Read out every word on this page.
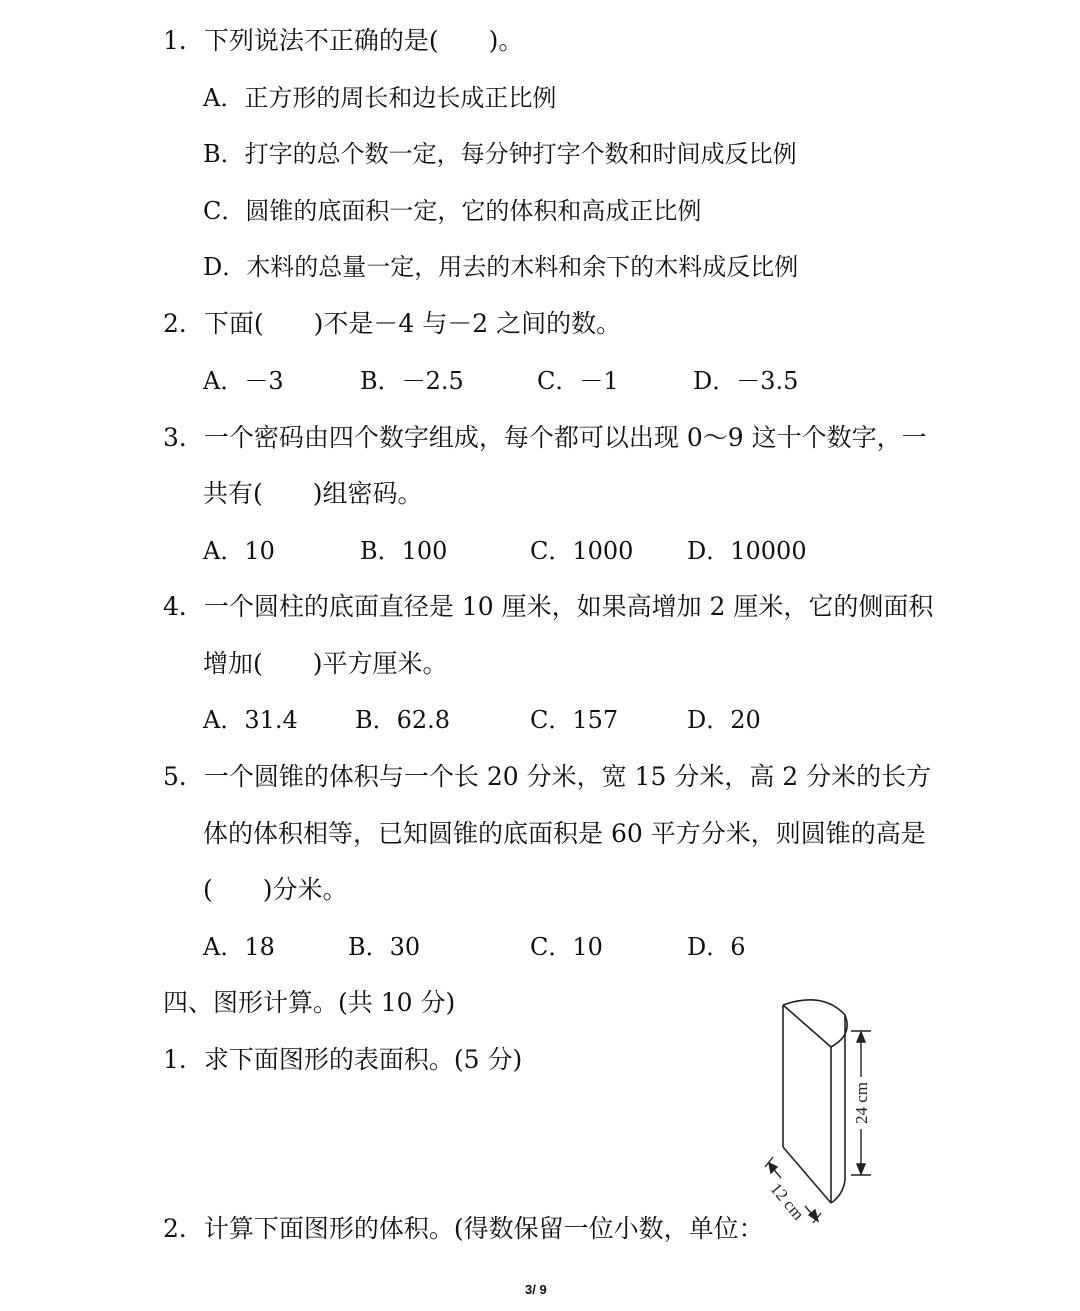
1．下列说法不正确的是(　　)。
A．正方形的周长和边长成正比例
B．打字的总个数一定，每分钟打字个数和时间成反比例
C．圆锥的底面积一定，它的体积和高成正比例
D．木料的总量一定，用去的木料和余下的木料成反比例
2．下面(　　)不是－4 与－2 之间的数。
A．－3	B．－2.5	C．－1	D．－3.5
3．一个密码由四个数字组成，每个都可以出现 0～9 这十个数字，一
共有(　　)组密码。
A．10	B．100	C．1000 D．10000
4．一个圆柱的底面直径是 10 厘米，如果高增加 2 厘米，它的侧面积
增加(　　)平方厘米。
A．31.4 B．62.8	C．157	D．20
5．一个圆锥的体积与一个长 20 分米，宽 15 分米，高 2 分米的长方
体的体积相等，已知圆锥的底面积是 60 平方分米，则圆锥的高是
(　　)分米。
A．18	B．30	C．10	D．6
四、图形计算。(共 10 分)
1．求下面图形的表面积。(5 分)
2．计算下面图形的体积。(得数保留一位小数，单位：
24 cm
12 cm
3/ 9
